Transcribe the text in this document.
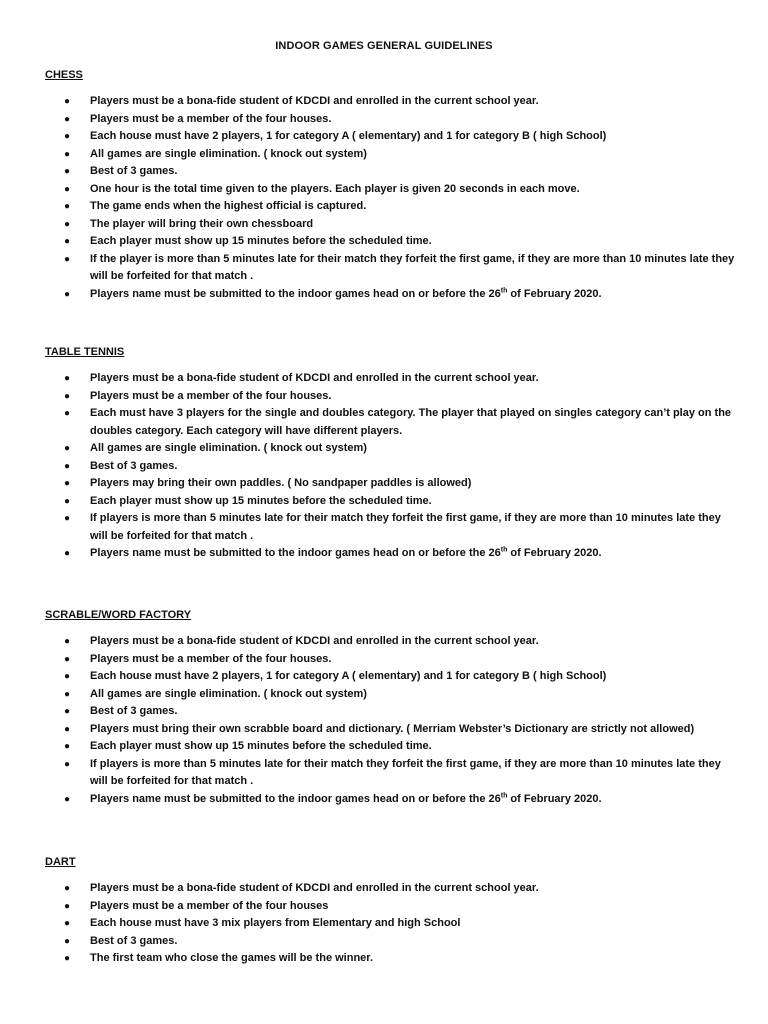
INDOOR GAMES GENERAL GUIDELINES
CHESS
● Players must be a bona-fide student of KDCDI and enrolled in the current school year.
● Players must be a member of the four houses.
● Each house must have 2 players, 1 for category A ( elementary) and 1 for category B ( high School)
● All games are single elimination. ( knock out system)
● Best of 3 games.
● One hour is the total time given to the players. Each player is given 20 seconds in each move.
● The game ends when the highest official is captured.
● The player will bring their own chessboard
● Each player must show up 15 minutes before the scheduled time.
● If the player is more than 5 minutes late for their match they forfeit the first game, if they are more than 10 minutes late they will be forfeited for that match .
● Players name must be submitted to the indoor games head on or before the 26th of February 2020.
TABLE TENNIS
● Players must be a bona-fide student of KDCDI and enrolled in the current school year.
● Players must be a member of the four houses.
● Each must have 3 players for the single and doubles category. The player that played on singles category can’t play on the doubles category. Each category will have different players.
● All games are single elimination. ( knock out system)
● Best of 3 games.
● Players may bring their own paddles. ( No sandpaper paddles is allowed)
● Each player must show up 15 minutes before the scheduled time.
● If players is more than 5 minutes late for their match they forfeit the first game, if they are more than 10 minutes late they will be forfeited for that match .
● Players name must be submitted to the indoor games head on or before the 26th of February 2020.
SCRABLE/WORD FACTORY
● Players must be a bona-fide student of KDCDI and enrolled in the current school year.
● Players must be a member of the four houses.
● Each house must have 2 players, 1 for category A ( elementary) and 1 for category B ( high School)
● All games are single elimination. ( knock out system)
● Best of 3 games.
● Players must bring their own scrabble board and dictionary. ( Merriam Webster’s Dictionary are strictly not allowed)
● Each player must show up 15 minutes before the scheduled time.
● If players is more than 5 minutes late for their match they forfeit the first game, if they are more than 10 minutes late they will be forfeited for that match .
● Players name must be submitted to the indoor games head on or before the 26th of February 2020.
DART
● Players must be a bona-fide student of KDCDI and enrolled in the current school year.
● Players must be a member of the four houses
● Each house must have 3 mix players from Elementary and high School
● Best of 3 games.
● The first team who close the games will be the winner.
